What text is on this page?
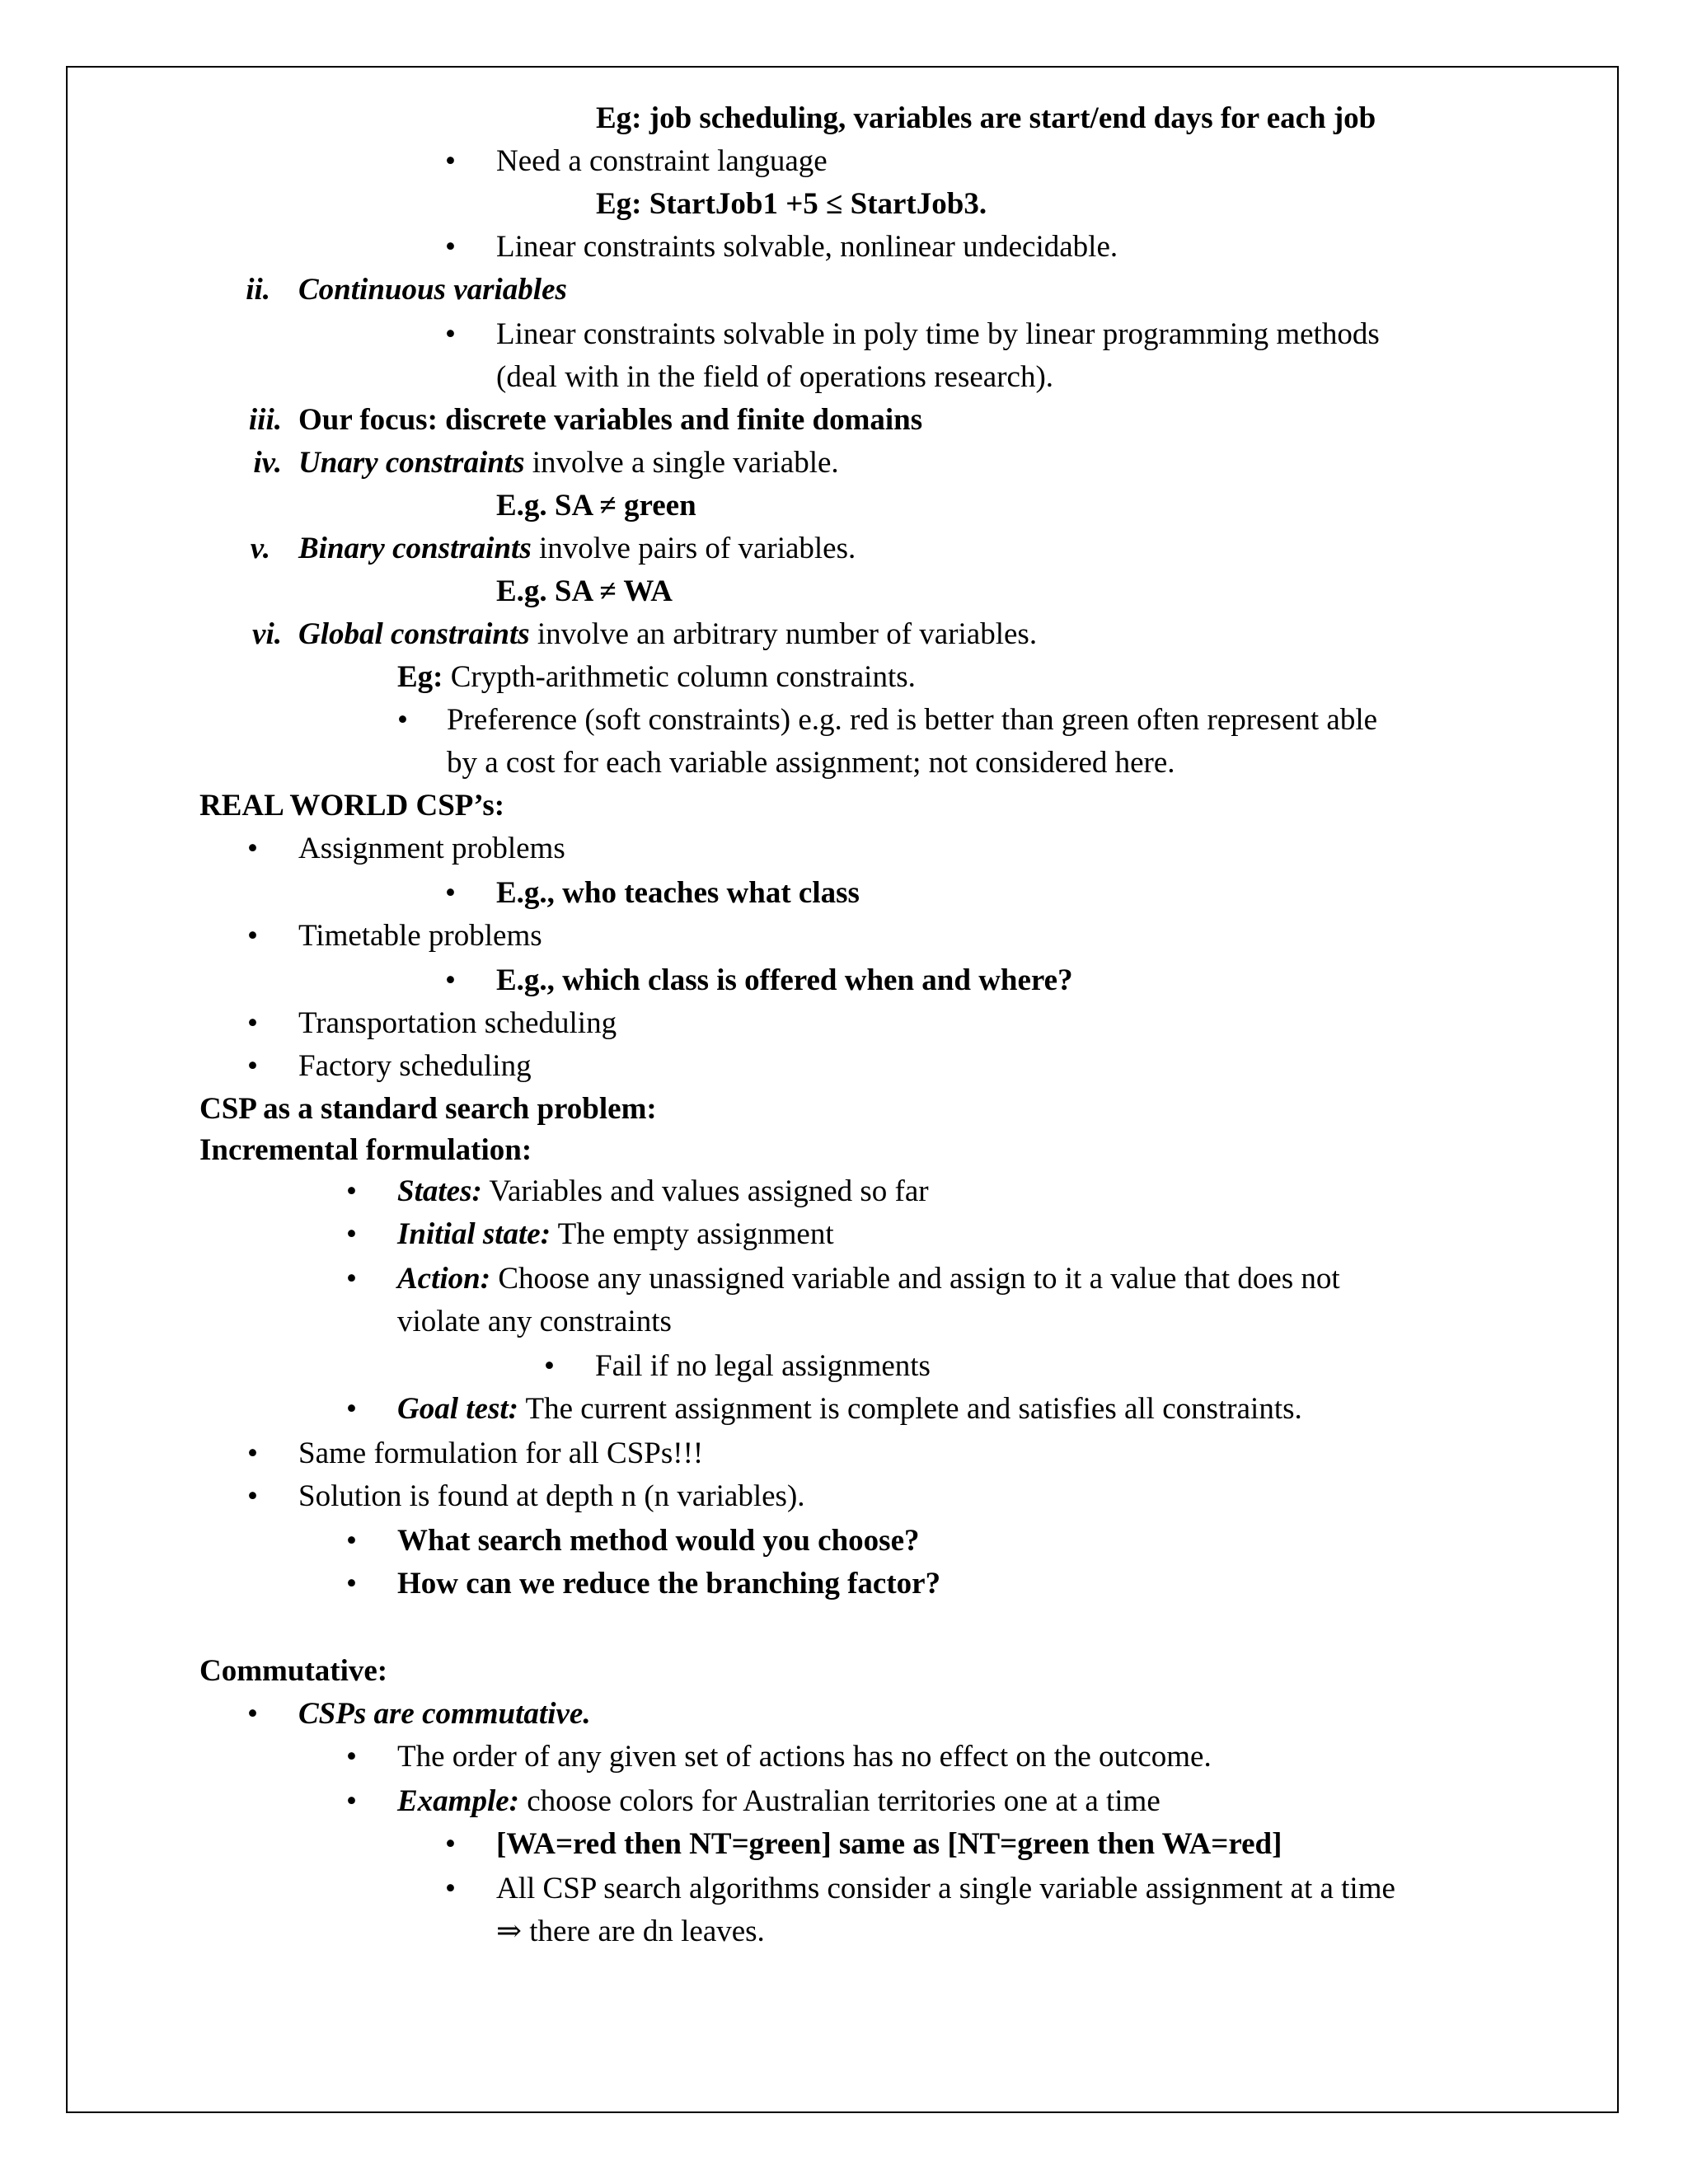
Eg: job scheduling, variables are start/end days for each job
• Need a constraint language
Eg: StartJob1 +5 ≤ StartJob3.
• Linear constraints solvable, nonlinear undecidable.
ii. Continuous variables
• Linear constraints solvable in poly time by linear programming methods
(deal with in the field of operations research).
iii. Our focus: discrete variables and finite domains
iv. Unary constraints involve a single variable.
E.g. SA ≠ green
v. Binary constraints involve pairs of variables.
E.g. SA ≠ WA
vi. Global constraints involve an arbitrary number of variables.
Eg: Crypth-arithmetic column constraints.
• Preference (soft constraints) e.g. red is better than green often represent able
by a cost for each variable assignment; not considered here.
REAL WORLD CSP’s:
• Assignment problems
• E.g., who teaches what class
• Timetable problems
• E.g., which class is offered when and where?
• Transportation scheduling
• Factory scheduling
CSP as a standard search problem:
Incremental formulation:
• States: Variables and values assigned so far
• Initial state: The empty assignment
• Action: Choose any unassigned variable and assign to it a value that does not
violate any constraints
• Fail if no legal assignments
• Goal test: The current assignment is complete and satisfies all constraints.
• Same formulation for all CSPs!!!
• Solution is found at depth n (n variables).
• What search method would you choose?
• How can we reduce the branching factor?
Commutative:
• CSPs are commutative.
• The order of any given set of actions has no effect on the outcome.
• Example: choose colors for Australian territories one at a time
• [WA=red then NT=green] same as [NT=green then WA=red]
• All CSP search algorithms consider a single variable assignment at a time
⇒ there are dn leaves.
